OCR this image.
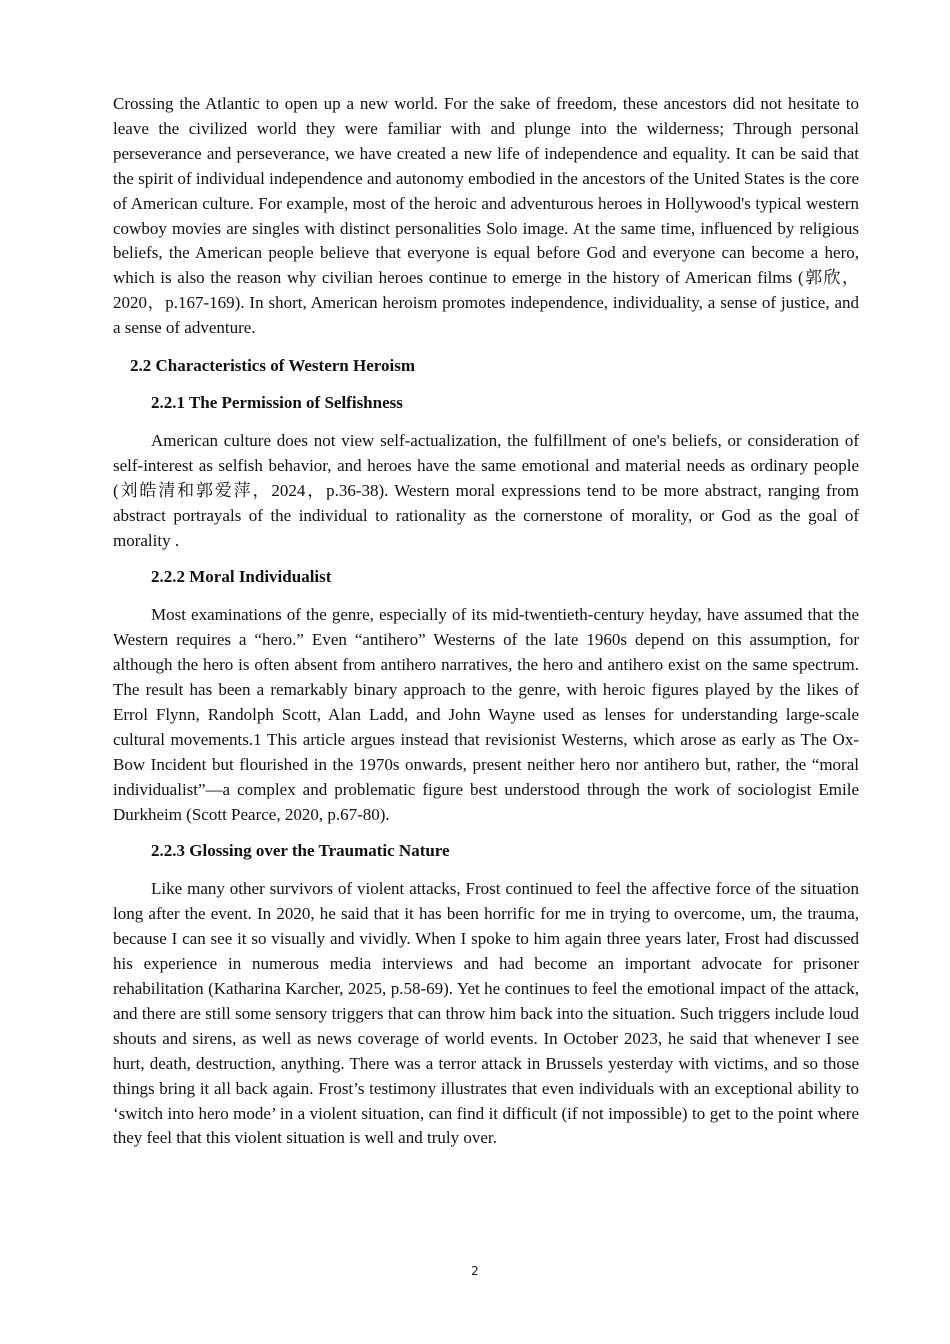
Crossing the Atlantic to open up a new world. For the sake of freedom, these ancestors did not hesitate to leave the civilized world they were familiar with and plunge into the wilderness; Through personal perseverance and perseverance, we have created a new life of independence and equality. It can be said that the spirit of individual independence and autonomy embodied in the ancestors of the United States is the core of American culture. For example, most of the heroic and adventurous heroes in Hollywood's typical western cowboy movies are singles with distinct personalities Solo image. At the same time, influenced by religious beliefs, the American people believe that everyone is equal before God and everyone can become a hero, which is also the reason why civilian heroes continue to emerge in the history of American films (郭欣，2020，p.167-169). In short, American heroism promotes independence, individuality, a sense of justice, and a sense of adventure.

2.2 Characteristics of Western Heroism
2.2.1 The Permission of Selfishness

American culture does not view self-actualization, the fulfillment of one's beliefs, or consideration of self-interest as selfish behavior, and heroes have the same emotional and material needs as ordinary people (刘皓清和郭爱萍，2024，p.36-38). Western moral expressions tend to be more abstract, ranging from abstract portrayals of the individual to rationality as the cornerstone of morality, or God as the goal of morality .

2.2.2 Moral Individualist

Most examinations of the genre, especially of its mid-twentieth-century heyday, have assumed that the Western requires a “hero.” Even “antihero” Westerns of the late 1960s depend on this assumption, for although the hero is often absent from antihero narratives, the hero and antihero exist on the same spectrum. The result has been a remarkably binary approach to the genre, with heroic figures played by the likes of Errol Flynn, Randolph Scott, Alan Ladd, and John Wayne used as lenses for understanding large-scale cultural movements.1 This article argues instead that revisionist Westerns, which arose as early as The Ox-Bow Incident but flourished in the 1970s onwards, present neither hero nor antihero but, rather, the “moral individualist”—a complex and problematic figure best understood through the work of sociologist Emile Durkheim (Scott Pearce, 2020, p.67-80).

2.2.3 Glossing over the Traumatic Nature

Like many other survivors of violent attacks, Frost continued to feel the affective force of the situation long after the event. In 2020, he said that it has been horrific for me in trying to overcome, um, the trauma, because I can see it so visually and vividly. When I spoke to him again three years later, Frost had discussed his experience in numerous media interviews and had become an important advocate for prisoner rehabilitation (Katharina Karcher, 2025, p.58-69). Yet he continues to feel the emotional impact of the attack, and there are still some sensory triggers that can throw him back into the situation. Such triggers include loud shouts and sirens, as well as news coverage of world events. In October 2023, he said that whenever I see hurt, death, destruction, anything. There was a terror attack in Brussels yesterday with victims, and so those things bring it all back again. Frost’s testimony illustrates that even individuals with an exceptional ability to ‘switch into hero mode’ in a violent situation, can find it difficult (if not impossible) to get to the point where they feel that this violent situation is well and truly over.

2
